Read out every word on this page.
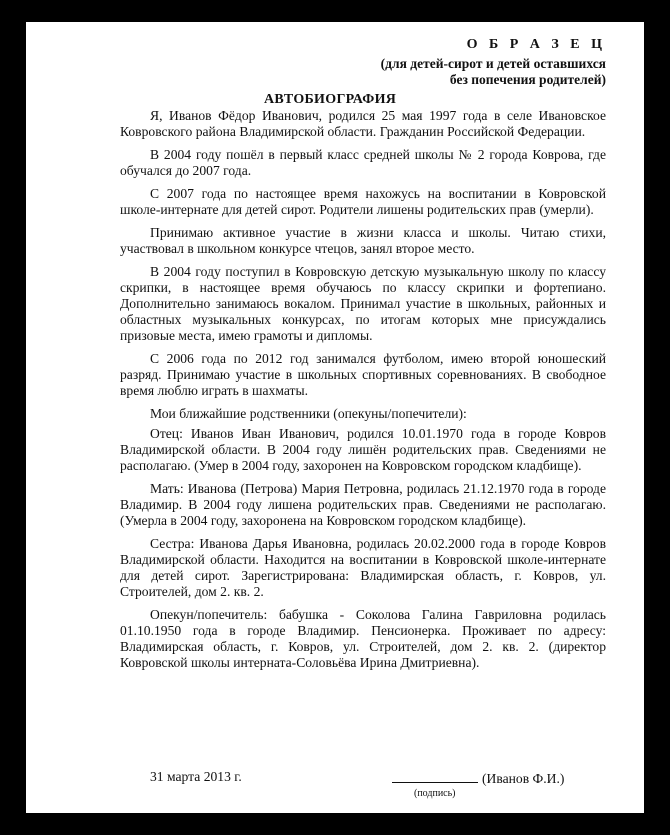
О Б Р А З Е Ц
(для детей-сирот и детей оставшихся
без попечения родителей)
АВТОБИОГРАФИЯ

Я, Иванов Фёдор Иванович, родился 25 мая 1997 года в селе Ивановское Ковровского района Владимирской области. Гражданин Российской Федерации.

В 2004 году пошёл в первый класс средней школы № 2 города Коврова, где обучался до 2007 года.

С 2007 года по настоящее время нахожусь на воспитании в Ковровской школе-интернате для детей сирот. Родители лишены родительских прав (умерли).

Принимаю активное участие в жизни класса и школы. Читаю стихи, участвовал в школьном конкурсе чтецов, занял второе место.

В 2004 году поступил в Ковровскую детскую музыкальную школу по классу скрипки, в настоящее время обучаюсь по классу скрипки и фортепиано. Дополнительно занимаюсь вокалом. Принимал участие в школьных, районных и областных музыкальных конкурсах, по итогам которых мне присуждались призовые места, имею грамоты и дипломы.

С 2006 года по 2012 год занимался футболом, имею второй юношеский разряд. Принимаю участие в школьных спортивных соревнованиях. В свободное время люблю играть в шахматы.

Мои ближайшие родственники (опекуны/попечители):

Отец: Иванов Иван Иванович, родился 10.01.1970 года в городе Ковров Владимирской области. В 2004 году лишён родительских прав. Сведениями не располагаю. (Умер в 2004 году, захоронен на Ковровском городском кладбище).

Мать: Иванова (Петрова) Мария Петровна, родилась 21.12.1970 года в городе Владимир. В 2004 году лишена родительских прав. Сведениями не располагаю. (Умерла в 2004 году, захоронена на Ковровском городском кладбище).

Сестра: Иванова Дарья Ивановна, родилась 20.02.2000 года в городе Ковров Владимирской области. Находится на воспитании в Ковровской школе-интернате для детей сирот. Зарегистрирована: Владимирская область, г. Ковров, ул. Строителей, дом 2. кв. 2.

Опекун/попечитель: бабушка - Соколова Галина Гавриловна родилась 01.10.1950 года в городе Владимир. Пенсионерка. Проживает по адресу: Владимирская область, г. Ковров, ул. Строителей, дом 2. кв. 2. (директор Ковровской школы интерната-Соловьёва Ирина Дмитриевна).

31 марта 2013 г.	(Иванов Ф.И.)
(подпись)
